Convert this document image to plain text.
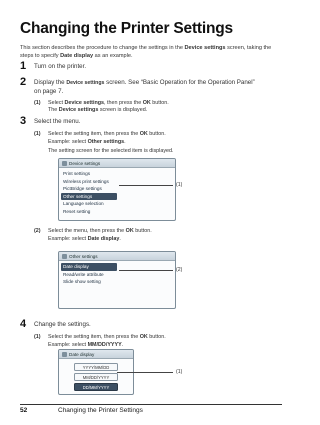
Changing the Printer Settings
This section describes the procedure to change the settings in the Device settings screen, taking the steps to specify Date display as an example.
1 Turn on the printer.
2 Display the Device settings screen. See “Basic Operation for the Operation Panel”
on page 7.
(1) Select Device settings, then press the OK button.
The Device settings screen is displayed.
3 Select the menu.
(1) Select the setting item, then press the OK button.
Example: select Other settings.
The setting screen for the selected item is displayed.
Device settings
Print settings
Wireless print settings
PictBridge settings
Other settings
Language selection
Reset setting
(1)
(2) Select the menu, then press the OK button.
Example: select Date display.
Other settings
Date display
Read/write attribute
Slide show setting
(2)
4 Change the settings.
(1) Select the setting item, then press the OK button.
Example: select MM/DD/YYYY.
Date display
YYYY/MM/DD
MM/DD/YYYY
DD/MM/YYYY
(1)
52	Changing the Printer Settings
